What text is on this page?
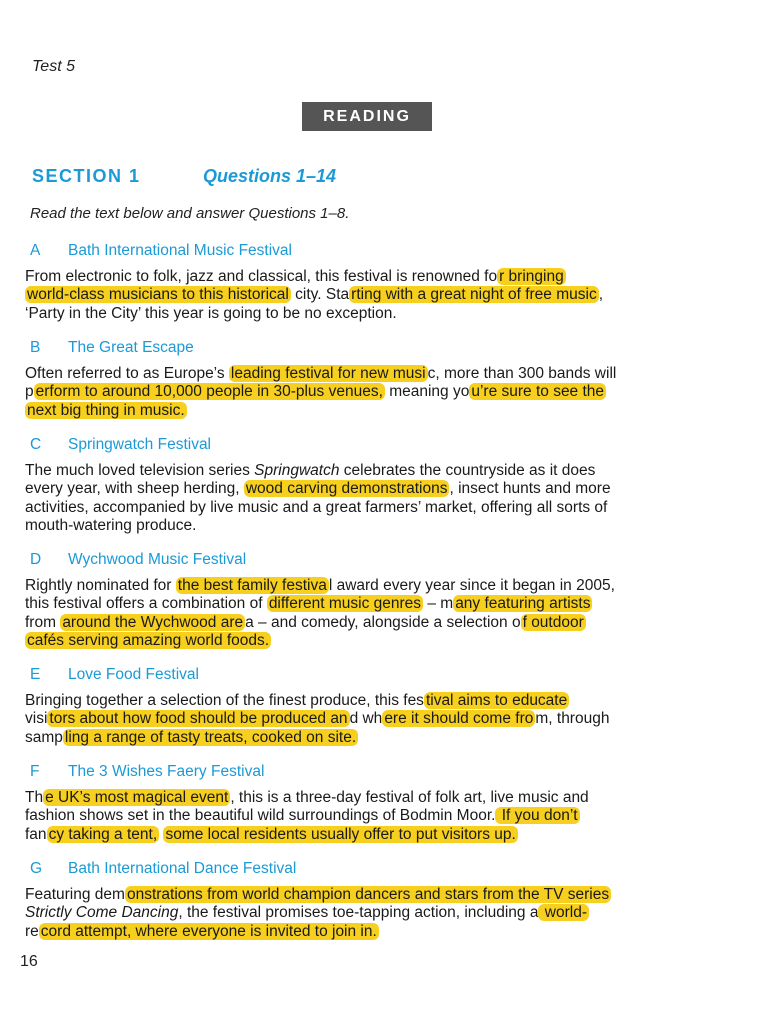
Test 5
READING
SECTION 1	Questions 1–14
Read the text below and answer Questions 1–8.
A Bath International Music Festival
From electronic to folk, jazz and classical, this festival is renowned fo r bringing
world-class musicians to this historical city. Sta rting with a great night of free music ,
‘Party in the City’ this year is going to be no exception.
B The Great Escape
Often referred to as Europe’s leading festival for new musi c, more than 300 bands will
p erform to around 10,000 people in 30-plus venues, meaning yo u’re sure to see the
next big thing in music.
C Springwatch Festival
The much loved television series Springwatch celebrates the countryside as it does
every year, with sheep herding, wood carving demonstrations , insect hunts and more
activities, accompanied by live music and a great farmers’ market, offering all sorts of
mouth-watering produce.
D Wychwood Music Festival
Rightly nominated for the best family festiva l award every year since it began in 2005,
this festival offers a combination of different music genres – m any featuring artists
from around the Wychwood are a – and comedy, alongside a selection o f outdoor
cafés serving amazing world foods.
E Love Food Festival
Bringing together a selection of the finest produce, this fes tival aims to educate
visi tors about how food should be produced an d wh ere it should come fro m, through
samp ling a range of tasty treats, cooked on site.
F The 3 Wishes Faery Festival
Th e UK’s most magical event , this is a three-day festival of folk art, live music and
fashion shows set in the beautiful wild surroundings of Bodmin Moor. If you don’t
fan cy taking a tent, some local residents usually offer to put visitors up.
G Bath International Dance Festival
Featuring dem onstrations from world champion dancers and stars from the TV series
Strictly Come Dancing, the festival promises toe-tapping action, including a world-
re cord attempt, where everyone is invited to join in.
16
